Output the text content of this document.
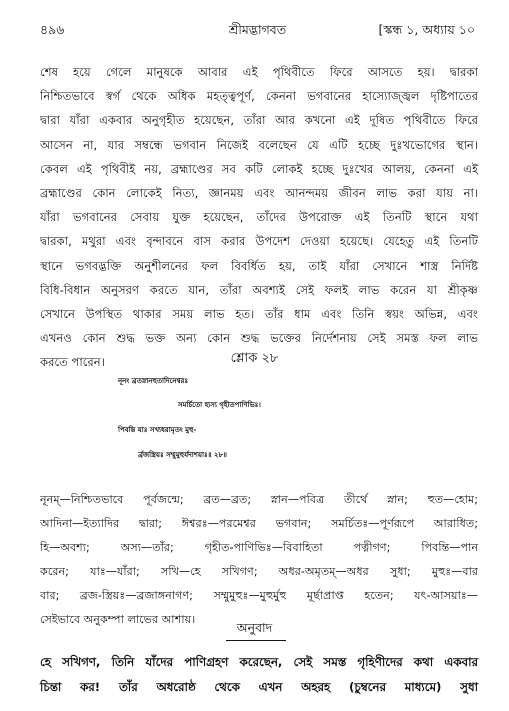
৪৯৬	শ্রীমদ্ভাগবত	[স্কন্ধ ১, অধ্যায় ১০
শেষ হয়ে গেলে মানুষকে আবার এই পৃথিবীতে ফিরে আসতে হয়। দ্বারকা
নিশ্চিতভাবে স্বর্গ থেকে অধিক মহত্ত্বপূর্ণ, কেননা ভগবানের হাস্যোজ্জ্বল দৃষ্টিপাতের
দ্বারা যাঁরা একবার অনুগৃহীত হয়েছেন, তাঁরা আর কখনো এই দূষিত পৃথিবীতে ফিরে
আসেন না, যার সম্বন্ধে ভগবান নিজেই বলেছেন যে এটি হচ্ছে দুঃখভোগের স্থান।
কেবল এই পৃথিবীই নয়, ব্রহ্মাণ্ডের সব কটি লোকই হচ্ছে দুঃখের আলয়, কেননা এই
ব্রহ্মাণ্ডের কোন লোকেই নিত্য, জ্ঞানময় এবং আনন্দময় জীবন লাভ করা যায় না।
যাঁরা ভগবানের সেবায় যুক্ত হয়েছেন, তাঁদের উপরোক্ত এই তিনটি স্থানে যথা
দ্বারকা, মথুরা এবং বৃন্দাবনে বাস করার উপদেশ দেওয়া হয়েছে। যেহেতু এই তিনটি
স্থানে ভগবদ্ভক্তি অনুশীলনের ফল বিবর্ধিত হয়, তাই যাঁরা সেখানে শাস্ত্র নির্দিষ্ট
বিধি-বিধান অনুসরণ করতে যান, তাঁরা অবশ্যই সেই ফলই লাভ করেন যা শ্রীকৃষ্ণ
সেখানে উপস্থিত থাকার সময় লাভ হত। তাঁর ধাম এবং তিনি স্বয়ং অভিন্ন, এবং
এখনও কোন শুদ্ধ ভক্ত অন্য কোন শুদ্ধ ভক্তের নির্দেশনায় সেই সমস্ত ফল লাভ
করতে পারেন।	শ্লোক ২৮
নূনং ব্রতস্নানহুতাদিনেশ্বরঃ
সমর্চিতো হ্যস্য গৃহীতপাণিভিঃ।
পিবন্তি যাঃ সখ্যধরামৃতং মুহু-
র্ব্রজস্ত্রিয়ঃ সম্মুমুহুর্যদাশয়াঃ॥ ২৮॥
নূনম্—নিশ্চিতভাবে পূর্বজন্মে; ব্রত—ব্রত; স্নান—পবিত্র তীর্থে স্নান; হুত—হোম;
আদিনা—ইত্যাদির দ্বারা; ঈশ্বরঃ—পরমেশ্বর ভগবান; সমর্চিতঃ—পূর্ণরূপে আরাধিত;
হি—অবশ্য; অস্য—তাঁর; গৃহীত-পাণিভিঃ—বিবাহিতা পত্নীগণ; পিবন্তি—পান
করেন; যাঃ—যাঁরা; সখি—হে সখিগণ; অধর-অমৃতম্—অধর সুধা; মুহুঃ—বার
বার; ব্রজ-স্ত্রিয়ঃ—ব্রজাঙ্গনাগণ; সম্মুমুহুঃ—মুহুর্মুহু মূর্ছাপ্রাপ্ত হতেন; যৎ-আসয়াঃ—
সেইভাবে অনুকম্পা লাভের আশায়।
অনুবাদ
হে সখিগণ, তিনি যাঁদের পাণিগ্রহণ করেছেন, সেই সমস্ত গৃহিণীদের কথা একবার
চিন্তা কর! তাঁর অধরোষ্ঠ থেকে এখন অহরহ (চুম্বনের মাধ্যমে) সুধা
